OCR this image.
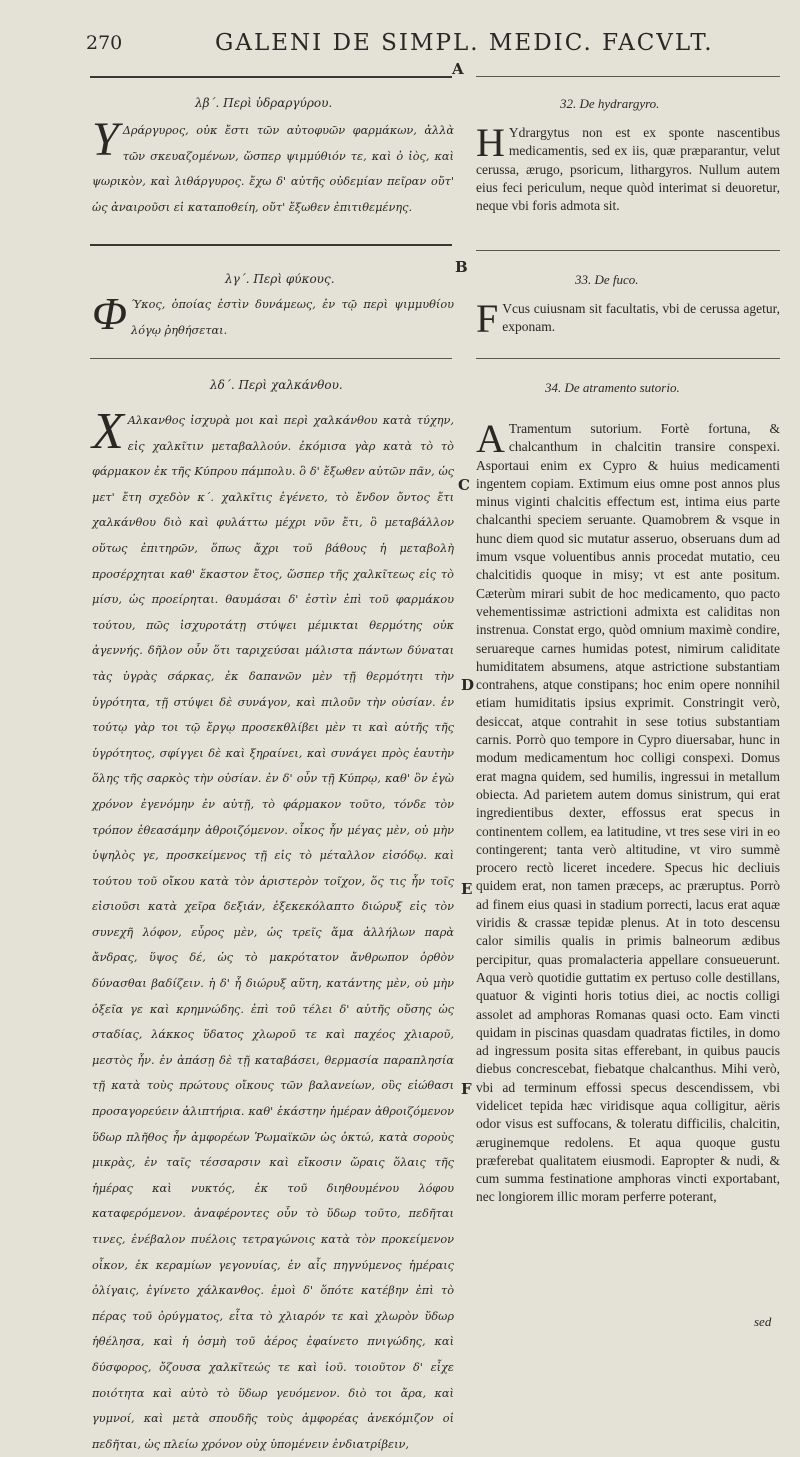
270	GALENI DE SIMPL. MEDIC. FACVLT.
A
B
C
D
E
F
λβ΄. Περὶ ὑδραργύρου.
Υ Δράργυρος, οὐκ ἔστι τῶν αὐτοφυῶν φαρμάκων, ἀλλὰ τῶν σκευαζομένων, ὥσπερ ψιμμύθιόν τε, καὶ ὁ ἰὸς, καὶ ψωρικὸν, καὶ λιθάργυρος. ἔχω δ' αὐτῆς οὐδεμίαν πεῖραν οὔτ' ὡς ἀναιροῦσι εἰ καταποθείη, οὔτ' ἔξωθεν ἐπιτιθεμένης.

λγ΄. Περὶ φύκους.
Φ Ύκος, ὁποίας ἐστὶν δυνάμεως, ἐν τῷ περὶ ψιμμυθίου λόγῳ ῥηθήσεται.

λδ΄. Περὶ χαλκάνθου.
Χ Αλκανθος ἰσχυρὰ μοι καὶ περὶ χαλκάνθου κατὰ τύχην, εἰς χαλκῖτιν μεταβαλλούν. ἐκόμισα γὰρ κατὰ τὸ τὸ φάρμακον ἐκ τῆς Κύπρου πάμπολυ. ὃ δ' ἔξωθεν αὐτῶν πᾶν, ὡς μετ' ἔτη σχεδὸν κ΄. χαλκῖτις ἐγένετο, τὸ ἔνδον ὄντος ἔτι χαλκάνθου διὸ καὶ φυλάττω μέχρι νῦν ἔτι, ὃ μεταβάλλον οὕτως ἐπιτηρῶν, ὅπως ἄχρι τοῦ βάθους ἡ μεταβολὴ προσέρχηται καθ' ἕκαστον ἔτος, ὥσπερ τῆς χαλκῖτεως εἰς τὸ μίσυ, ὡς προείρηται. θαυμάσαι δ' ἐστὶν ἐπὶ τοῦ φαρμάκου τούτου, πῶς ἰσχυροτάτῃ στύψει μέμικται θερμότης οὐκ ἀγεννής. δῆλον οὖν ὅτι ταριχεύσαι μάλιστα πάντων δύναται τὰς ὑγρὰς σάρκας, ἐκ δαπανῶν μὲν τῇ θερμότητι τὴν ὑγρότητα, τῇ στύψει δὲ συνάγον, καὶ πιλοῦν τὴν οὐσίαν. ἐν τούτῳ γὰρ τοι τῷ ἔργῳ προσεκθλίβει μὲν τι καὶ αὐτῆς τῆς ὑγρότητος, σφίγγει δὲ καὶ ξηραίνει, καὶ συνάγει πρὸς ἑαυτὴν ὅλης τῆς σαρκὸς τὴν οὐσίαν. ἐν δ' οὖν τῇ Κύπρῳ, καθ' ὃν ἐγὼ χρόνον ἐγενόμην ἐν αὐτῇ, τὸ φάρμακον τοῦτο, τόνδε τὸν τρόπον ἐθεασάμην ἀθροιζόμενον. οἶκος ἦν μέγας μὲν, οὐ μὴν ὑψηλὸς γε, προσκείμενος τῇ εἰς τὸ μέταλλον εἰσόδῳ. καὶ τούτου τοῦ οἴκου κατὰ τὸν ἀριστερὸν τοῖχον, ὅς τις ἦν τοῖς εἰσιοῦσι κατὰ χεῖρα δεξιάν, ἐξεκεκόλαπτο διώρυξ εἰς τὸν συνεχῆ λόφον, εὖρος μὲν, ὡς τρεῖς ἅμα ἀλλήλων παρὰ ἄνδρας, ὕψος δέ, ὡς τὸ μακρότατον ἄνθρωπον ὀρθὸν δύνασθαι βαδίζειν. ἡ δ' ἦ διώρυξ αὕτη, κατάντης μὲν, οὐ μὴν ὀξεῖα γε καὶ κρημνώδης. ἐπὶ τοῦ τέλει δ' αὐτῆς οὔσης ὡς σταδίας, λάκκος ὕδατος χλωροῦ τε καὶ παχέος χλιαροῦ, μεστὸς ἦν. ἐν ἁπάσῃ δὲ τῇ καταβάσει, θερμασία παραπλησία τῇ κατὰ τοὺς πρώτους οἴκους τῶν βαλανείων, οὓς εἰώθασι προσαγορεύειν ἀλιπτήρια. καθ' ἑκάστην ἡμέραν ἀθροιζόμενον ὕδωρ πλῆθος ἦν ἀμφορέων Ῥωμαϊκῶν ὡς ὀκτώ, κατὰ σοροὺς μικρὰς, ἐν ταῖς τέσσαρσιν καὶ εἴκοσιν ὥραις ὅλαις τῆς ἡμέρας καὶ νυκτός, ἐκ τοῦ διηθουμένου λόφου καταφερόμενον. ἀναφέροντες οὖν τὸ ὕδωρ τοῦτο, πεδῆται τινες, ἐνέβαλον πυέλοις τετραγώνοις κατὰ τὸν προκείμενον οἶκον, ἐκ κεραμίων γεγονυίας, ἐν αἷς πηγνύμενος ἡμέραις ὀλίγαις, ἐγίνετο χάλκανθος. ἐμοὶ δ' ὅπότε κατέβην ἐπὶ τὸ πέρας τοῦ ὀρύγματος, εἶτα τὸ χλιαρόν τε καὶ χλωρὸν ὕδωρ ἠθέλησα, καὶ ἡ ὀσμὴ τοῦ ἀέρος ἐφαίνετο πνιγώδης, καὶ δύσφορος, ὄζουσα χαλκῖτεώς τε καὶ ἰοῦ. τοιοῦτον δ' εἶχε ποιότητα καὶ αὐτὸ τὸ ὕδωρ γευόμενον. διὸ τοι ἄρα, καὶ γυμνοί, καὶ μετὰ σπουδῆς τοὺς ἀμφορέας ἀνεκόμιζον οἱ πεδῆται, ὡς πλείω χρόνον οὐχ ὑπομένειν ἐνδιατρίβειν,

32. De hydrargyro.
H Ydrargytus non est ex sponte nascentibus medicamentis, sed ex iis, quæ præparantur, velut cerussa, ærugo, psoricum, lithargyros. Nullum autem eius feci periculum, neque quòd interimat si deuoretur, neque vbi foris admota sit.

33. De fuco.
F Vcus cuiusnam sit facultatis, vbi de cerussa agetur, exponam.

34. De atramento sutorio.
A Tramentum sutorium. Fortè fortuna, & chalcanthum in chalcitin transire conspexi. Asportaui enim ex Cypro & huius medicamenti ingentem copiam. Extimum eius omne post annos plus minus viginti chalcitis effectum est, intima eius parte chalcanthi speciem seruante. Quamobrem & vsque in hunc diem quod sic mutatur asseruo, obseruans dum ad imum vsque voluentibus annis procedat mutatio, ceu chalcitidis quoque in misy; vt est ante positum. Cæterùm mirari subit de hoc medicamento, quo pacto vehementissimæ astrictioni admixta est caliditas non instrenua. Constat ergo, quòd omnium maximè condire, seruareque carnes humidas potest, nimirum caliditate humiditatem absumens, atque astrictione substantiam contrahens, atque constipans; hoc enim opere nonnihil etiam humiditatis ipsius exprimit. Constringit verò, desiccat, atque contrahit in sese totius substantiam carnis. Porrò quo tempore in Cypro diuersabar, hunc in modum medicamentum hoc colligi conspexi. Domus erat magna quidem, sed humilis, ingressui in metallum obiecta. Ad parietem autem domus sinistrum, qui erat ingredientibus dexter, effossus erat specus in continentem collem, ea latitudine, vt tres sese viri in eo contingerent; tanta verò altitudine, vt viro summè procero rectò liceret incedere. Specus hic decliuis quidem erat, non tamen præceps, ac præruptus. Porrò ad finem eius quasi in stadium porrecti, lacus erat aquæ viridis & crassæ tepidæ plenus. At in toto descensu calor similis qualis in primis balneorum ædibus percipitur, quas promalacteria appellare consueuerunt. Aqua verò quotidie guttatim ex pertuso colle destillans, quatuor & viginti horis totius diei, ac noctis colligi assolet ad amphoras Romanas quasi octo. Eam vincti quidam in piscinas quasdam quadratas fictiles, in domo ad ingressum posita sitas efferebant, in quibus paucis diebus concrescebat, fiebatque chalcanthus. Mihi verò, vbi ad terminum effossi specus descendissem, vbi videlicet tepida hæc viridisque aqua colligitur, aëris odor visus est suffocans, & toleratu difficilis, chalcitin, æruginemque redolens. Et aqua quoque gustu præferebat qualitatem eiusmodi. Eapropter & nudi, & cum summa festinatione amphoras vincti exportabant, nec longiorem illic moram perferre poterant,

sed
